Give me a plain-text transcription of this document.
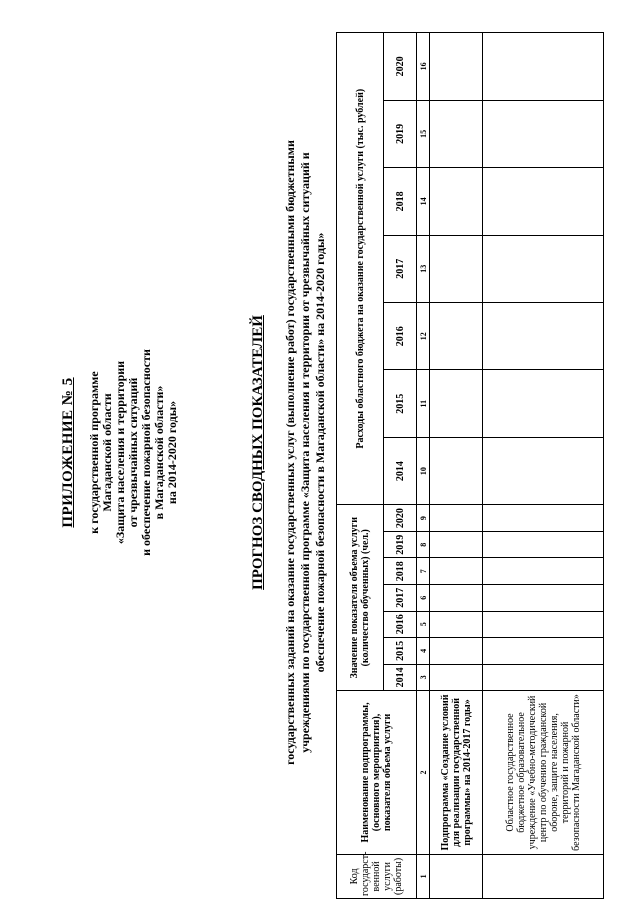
ПРИЛОЖЕНИЕ № 5 к государственной программе Магаданской области «Защита населения и территории от чрезвычайных ситуаций и обеспечение пожарной безопасности в Магаданской области» на 2014-2020 годы»	ПРОГНОЗ СВОДНЫХ ПОКАЗАТЕЛЕЙ государственных заданий на оказание государственных услуг (выполнение работ) государственными бюджетными учреждениями по государственной программе «Защита населения и территории от чрезвычайных ситуаций и обеспечение пожарной безопасности в Магаданской области» на 2014-2020 годы»
Код государст-венной услуги (работы)	Наименование подпрограммы, (основного мероприятия), показателя объема услуги	Значение показателя объема услуги (количество обученных) (чел.)							Расходы областного бюджета на оказание государственной услуги (тыс. рублей)						
		2014	2015	2016	2017	2018	2019	2020	2014	2015	2016	2017	2018	2019	2020
1	2	3	4	5	6	7	8	9	10	11	12	13	14	15	16
	Подпрограмма «Создание условий для реализации государственной программы» на 2014-2017 годы»														
	Областное государственное бюджетное образовательное учреждение «Учебно-методический центр по обучению гражданской обороне, защите населения, территорий и пожарной безопасности Магаданской области»														
